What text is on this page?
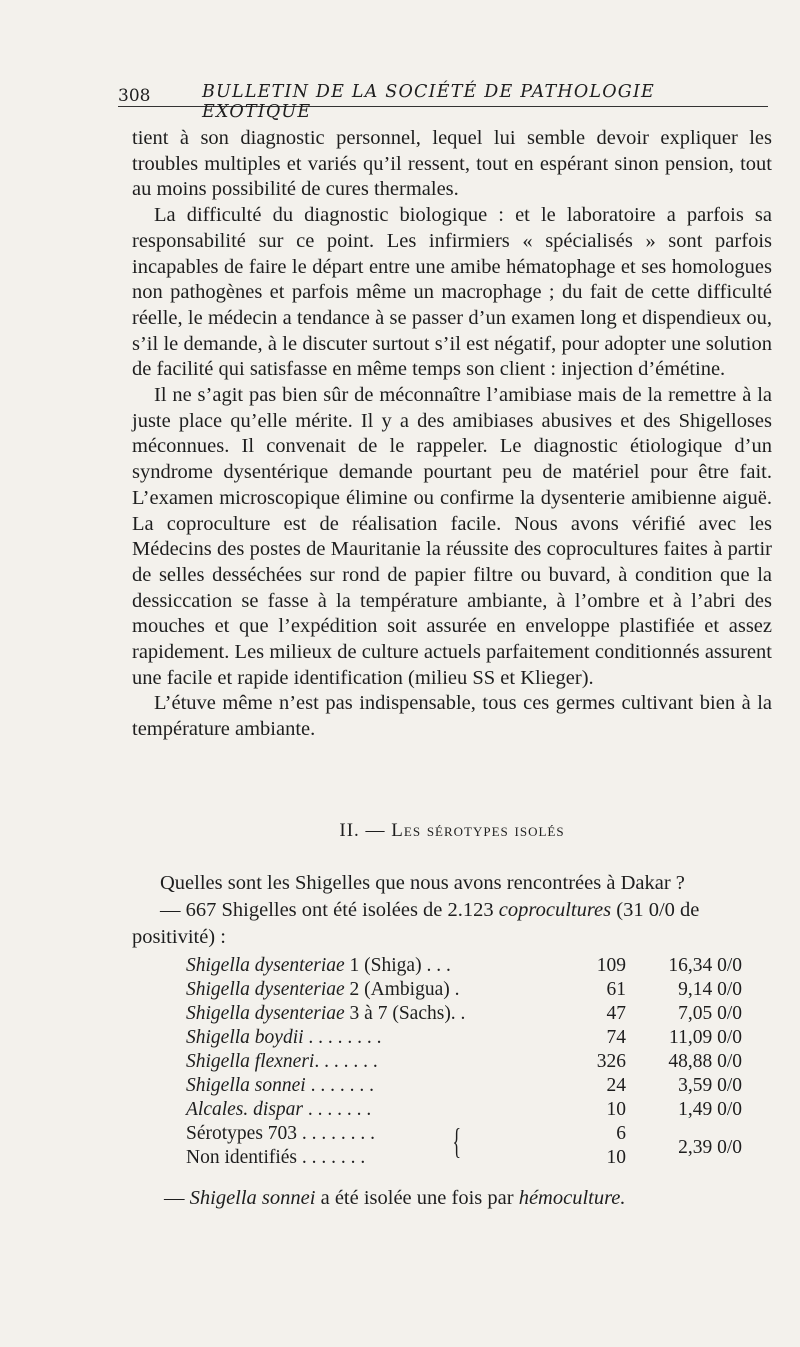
308	BULLETIN DE LA SOCIÉTÉ DE PATHOLOGIE EXOTIQUE

tient à son diagnostic personnel, lequel lui semble devoir expliquer les troubles multiples et variés qu’il ressent, tout en espérant sinon pension, tout au moins possibilité de cures thermales.

La difficulté du diagnostic biologique : et le laboratoire a parfois sa responsabilité sur ce point. Les infirmiers « spécialisés » sont parfois incapables de faire le départ entre une amibe hématophage et ses homologues non pathogènes et parfois même un macrophage ; du fait de cette difficulté réelle, le médecin a tendance à se passer d’un examen long et dispendieux ou, s’il le demande, à le discuter surtout s’il est négatif, pour adopter une solution de facilité qui satisfasse en même temps son client : injection d’émétine.

Il ne s’agit pas bien sûr de méconnaître l’amibiase mais de la remettre à la juste place qu’elle mérite. Il y a des amibiases abusives et des Shigelloses méconnues. Il convenait de le rappeler. Le diagnostic étiologique d’un syndrome dysentérique demande pourtant peu de matériel pour être fait. L’examen microscopique élimine ou confirme la dysenterie amibienne aiguë. La coproculture est de réalisation facile. Nous avons vérifié avec les Médecins des postes de Mauritanie la réussite des coprocultures faites à partir de selles desséchées sur rond de papier filtre ou buvard, à condition que la dessiccation se fasse à la température ambiante, à l’ombre et à l’abri des mouches et que l’expédition soit assurée en enveloppe plastifiée et assez rapidement. Les milieux de culture actuels parfaitement conditionnés assurent une facile et rapide identification (milieu SS et Klieger).

L’étuve même n’est pas indispensable, tous ces germes cultivant bien à la température ambiante.

II. — Les sérotypes isolés

Quelles sont les Shigelles que nous avons rencontrées à Dakar ?

— 667 Shigelles ont été isolées de 2.123 coprocultures (31 0/0 de positivité) :

Shigella dysenteriae 1 (Shiga) . . .	109	16,34 0/0
Shigella dysenteriae 2 (Ambigua) .	61	9,14 0/0
Shigella dysenteriae 3 à 7 (Sachs). .	47	7,05 0/0
Shigella boydii . . . . . . . .	74	11,09 0/0
Shigella flexneri. . . . . . .	326	48,88 0/0
Shigella sonnei . . . . . . .	24	3,59 0/0
Alcales. dispar . . . . . . .	10	1,49 0/0
Sérotypes 703 . . . . . . . .	6
Non identifiés . . . . . . .	10
{	2,39 0/0
— Shigella sonnei a été isolée une fois par hémoculture.
